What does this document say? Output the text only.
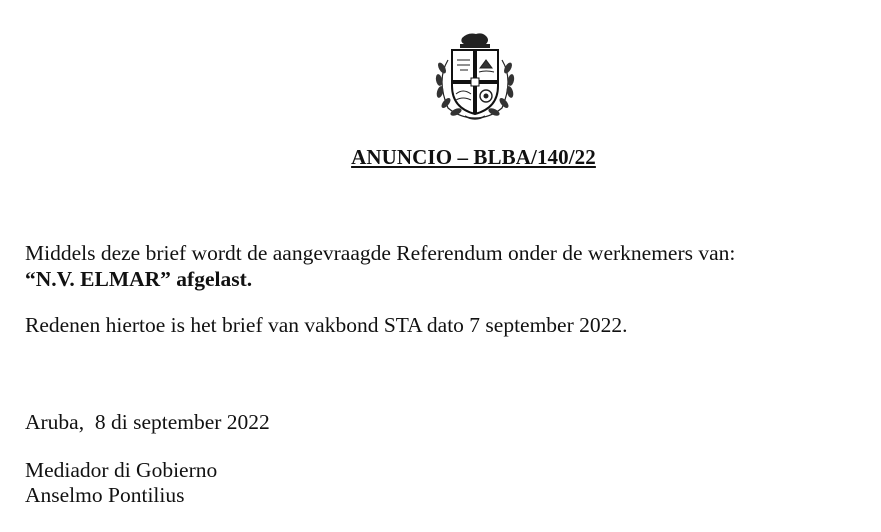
ANUNCIO – BLBA/140/22
Middels deze brief wordt de aangevraagde Referendum onder de werknemers van:
“N.V. ELMAR” afgelast.
Redenen hiertoe is het brief van vakbond STA dato 7 september 2022.
Aruba,  8 di september 2022
Mediador di Gobierno
Anselmo Pontilius
